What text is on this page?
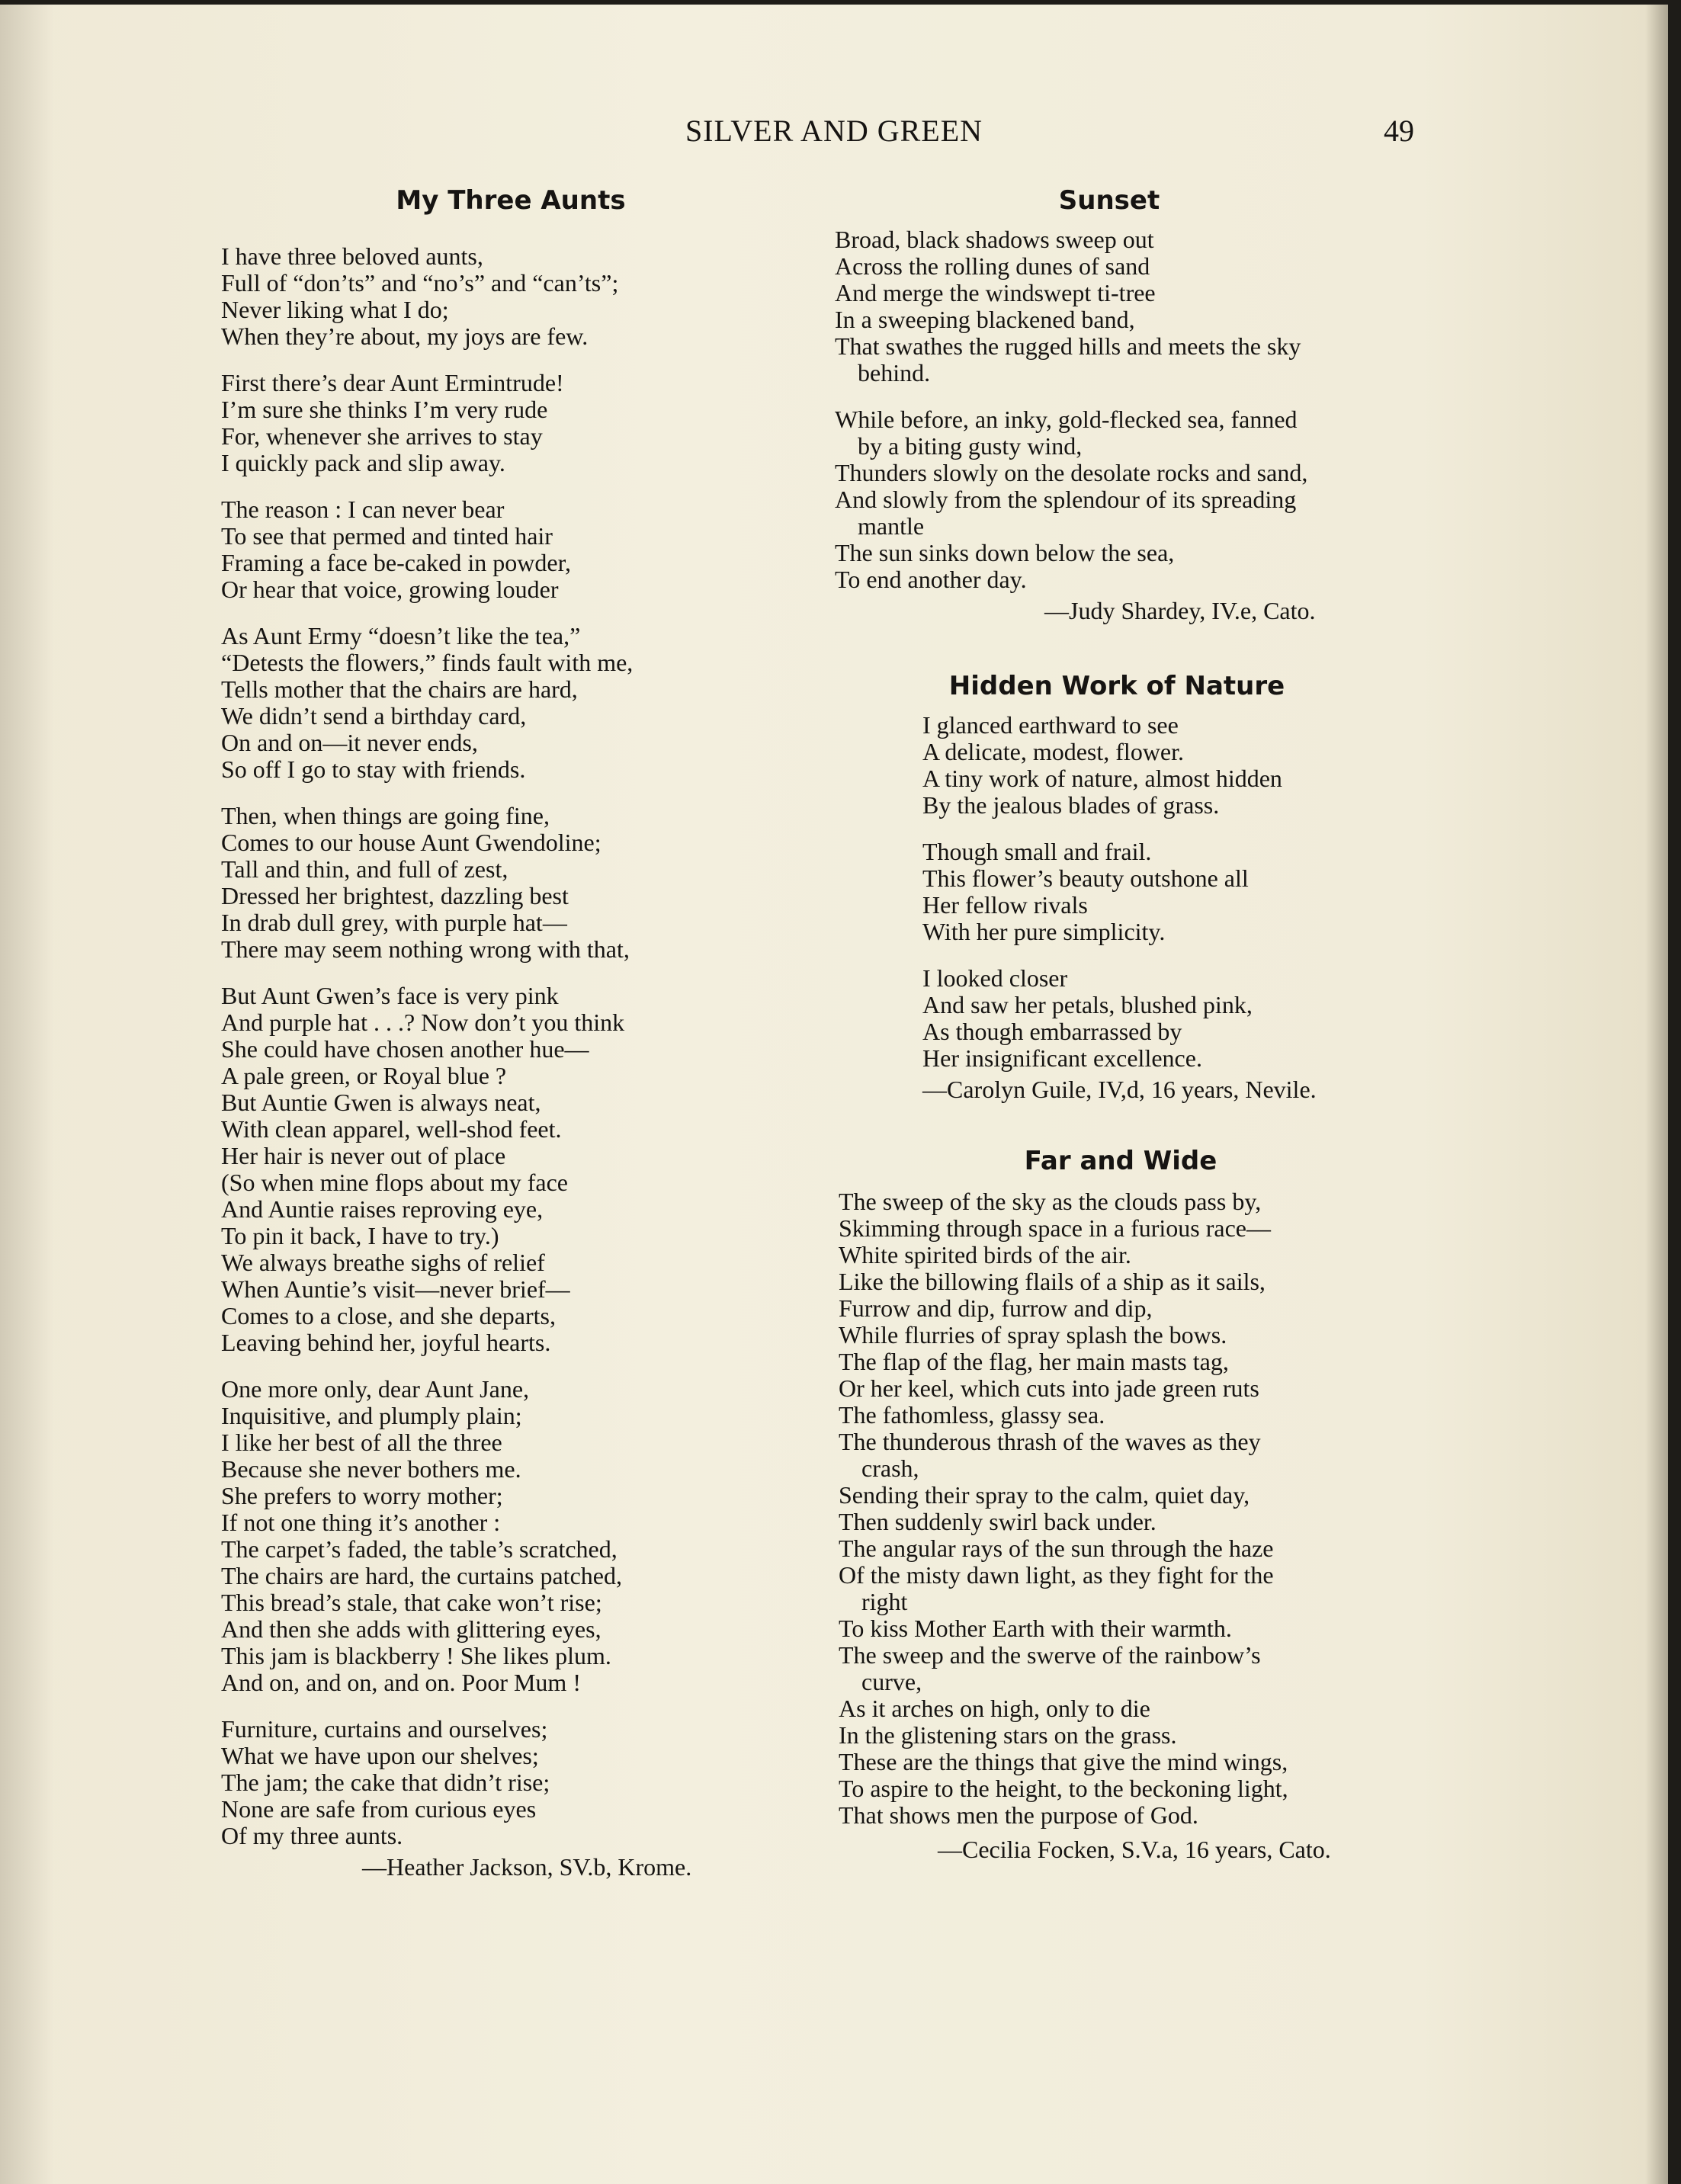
SILVER AND GREEN	49
My Three Aunts
I have three beloved aunts,
Full of “don’ts” and “no’s” and “can’ts”;
Never liking what I do;
When they’re about, my joys are few.
First there’s dear Aunt Ermintrude!
I’m sure she thinks I’m very rude
For, whenever she arrives to stay
I quickly pack and slip away.
The reason : I can never bear
To see that permed and tinted hair
Framing a face be-caked in powder,
Or hear that voice, growing louder
As Aunt Ermy “doesn’t like the tea,”
“Detests the flowers,” finds fault with me,
Tells mother that the chairs are hard,
We didn’t send a birthday card,
On and on—it never ends,
So off I go to stay with friends.
Then, when things are going fine,
Comes to our house Aunt Gwendoline;
Tall and thin, and full of zest,
Dressed her brightest, dazzling best
In drab dull grey, with purple hat—
There may seem nothing wrong with that,
But Aunt Gwen’s face is very pink
And purple hat . . .? Now don’t you think
She could have chosen another hue—
A pale green, or Royal blue ?
But Auntie Gwen is always neat,
With clean apparel, well-shod feet.
Her hair is never out of place
(So when mine flops about my face
And Auntie raises reproving eye,
To pin it back, I have to try.)
We always breathe sighs of relief
When Auntie’s visit—never brief—
Comes to a close, and she departs,
Leaving behind her, joyful hearts.
One more only, dear Aunt Jane,
Inquisitive, and plumply plain;
I like her best of all the three
Because she never bothers me.
She prefers to worry mother;
If not one thing it’s another :
The carpet’s faded, the table’s scratched,
The chairs are hard, the curtains patched,
This bread’s stale, that cake won’t rise;
And then she adds with glittering eyes,
This jam is blackberry ! She likes plum.
And on, and on, and on. Poor Mum !
Furniture, curtains and ourselves;
What we have upon our shelves;
The jam; the cake that didn’t rise;
None are safe from curious eyes
Of my three aunts.
—Heather Jackson, SV.b, Krome.
Sunset
Broad, black shadows sweep out
Across the rolling dunes of sand
And merge the windswept ti-tree
In a sweeping blackened band,
That swathes the rugged hills and meets the sky
behind.
While before, an inky, gold-flecked sea, fanned
by a biting gusty wind,
Thunders slowly on the desolate rocks and sand,
And slowly from the splendour of its spreading
mantle
The sun sinks down below the sea,
To end another day.
—Judy Shardey, IV.e, Cato.
Hidden Work of Nature
I glanced earthward to see
A delicate, modest, flower.
A tiny work of nature, almost hidden
By the jealous blades of grass.
Though small and frail.
This flower’s beauty outshone all
Her fellow rivals
With her pure simplicity.
I looked closer
And saw her petals, blushed pink,
As though embarrassed by
Her insignificant excellence.
—Carolyn Guile, IV,d, 16 years, Nevile.
Far and Wide
The sweep of the sky as the clouds pass by,
Skimming through space in a furious race—
White spirited birds of the air.
Like the billowing flails of a ship as it sails,
Furrow and dip, furrow and dip,
While flurries of spray splash the bows.
The flap of the flag, her main masts tag,
Or her keel, which cuts into jade green ruts
The fathomless, glassy sea.
The thunderous thrash of the waves as they
crash,
Sending their spray to the calm, quiet day,
Then suddenly swirl back under.
The angular rays of the sun through the haze
Of the misty dawn light, as they fight for the
right
To kiss Mother Earth with their warmth.
The sweep and the swerve of the rainbow’s
curve,
As it arches on high, only to die
In the glistening stars on the grass.
These are the things that give the mind wings,
To aspire to the height, to the beckoning light,
That shows men the purpose of God.
—Cecilia Focken, S.V.a, 16 years, Cato.
